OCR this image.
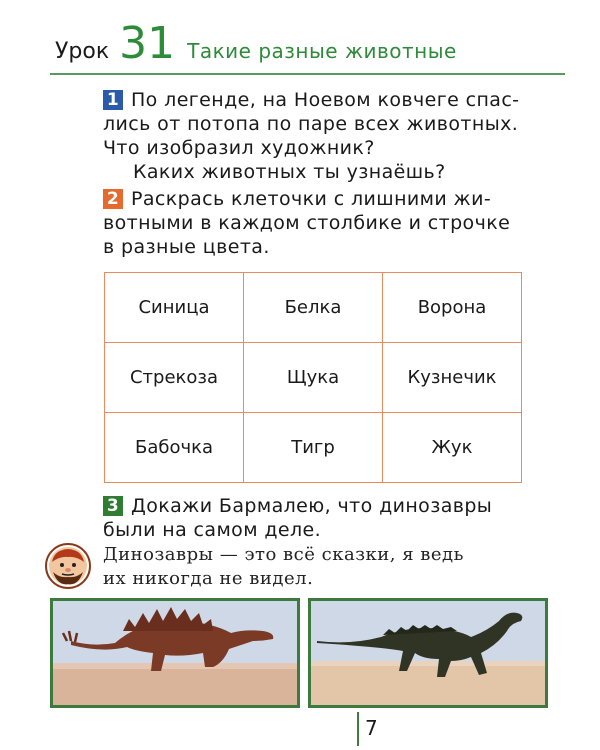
Урок 31 Такие разные животные
1 По легенде, на Ноевом ковчеге спас-
лись от потопа по паре всех животных.
Что изобразил художник?
Каких животных ты узнаёшь?
2 Раскрась клеточки с лишними жи-
вотными в каждом столбике и строчке
в разные цвета.
Синица	Белка	Ворона
Стрекоза	Щука	Кузнечик
Бабочка	Тигр	Жук
3 Докажи Бармалею, что динозавры
были на самом деле.
Динозавры — это всё сказки, я ведь
их никогда не видел.
7
